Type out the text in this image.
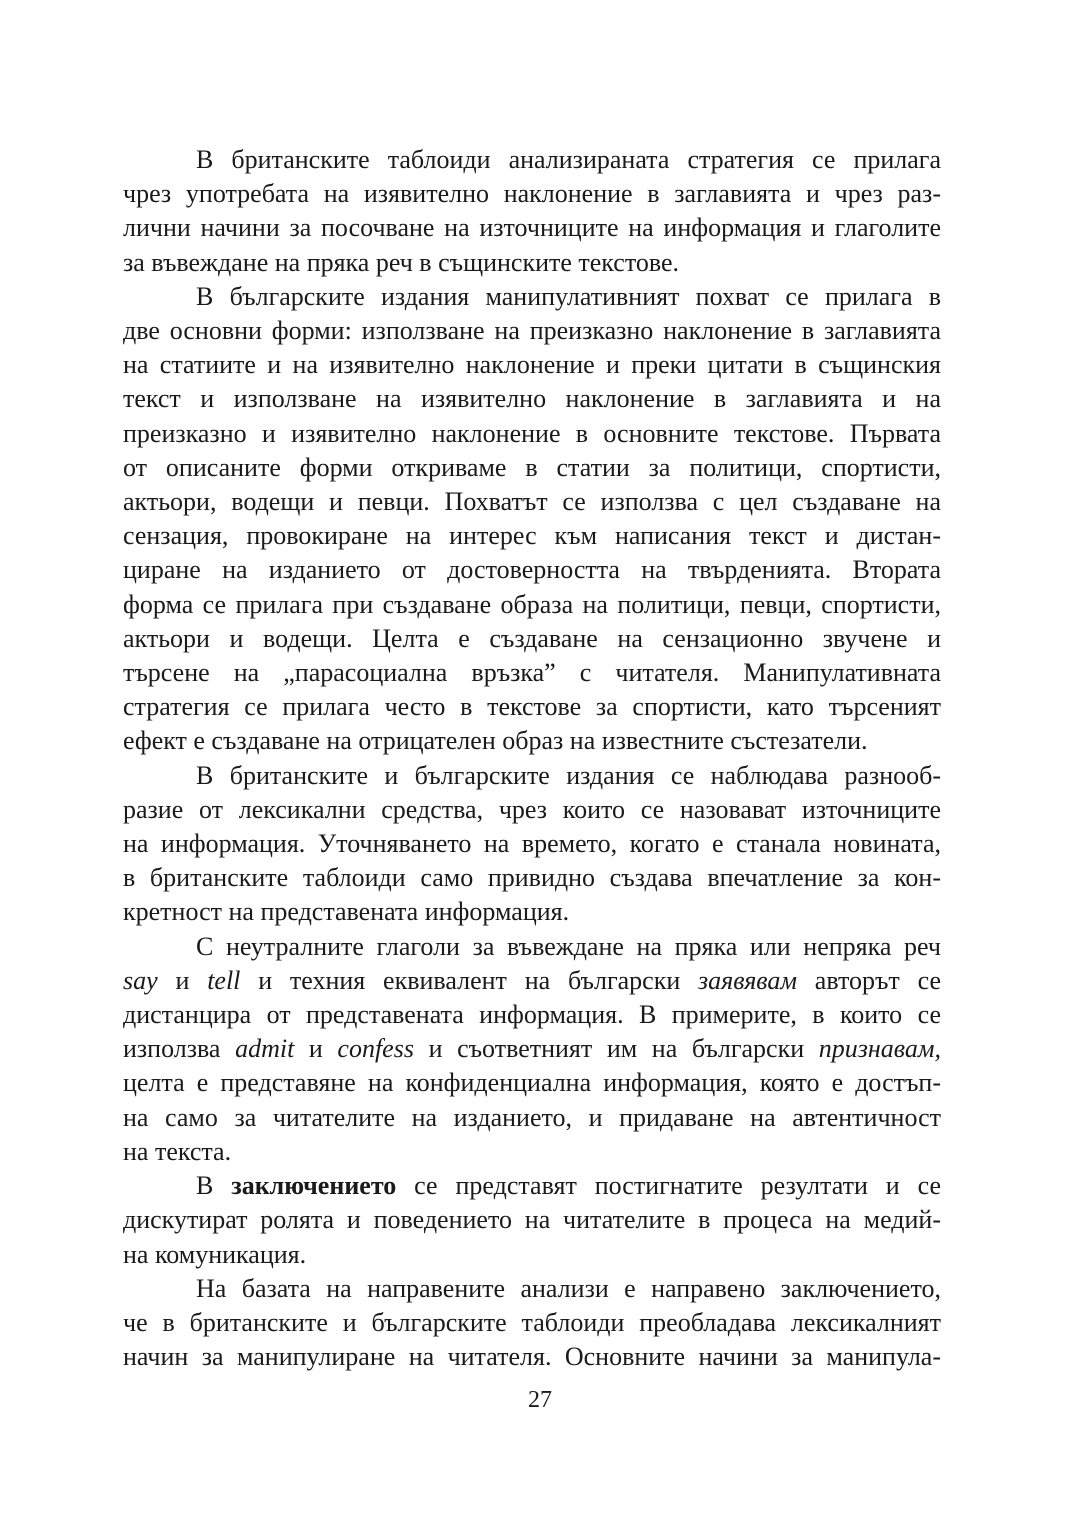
В британските таблоиди анализираната стратегия се прилага
чрез употребата на изявително наклонение в заглавията и чрез раз-
лични начини за посочване на източниците на информация и глаголите
за въвеждане на пряка реч в същинските текстове.

В българските издания манипулативният похват се прилага в
две основни форми: използване на преизказно наклонение в заглавията
на статиите и на изявително наклонение и преки цитати в същинския
текст и използване на изявително наклонение в заглавията и на
преизказно и изявително наклонение в основните текстове. Първата
от описаните форми откриваме в статии за политици, спортисти,
актьори, водещи и певци. Похватът се използва с цел създаване на
сензация, провокиране на интерес към написания текст и дистан-
циране на изданието от достоверността на твърденията. Втората
форма се прилага при създаване образа на политици, певци, спортисти,
актьори и водещи. Целта е създаване на сензационно звучене и
търсене на „парасоциална връзка” с читателя. Манипулативната
стратегия се прилага често в текстове за спортисти, като търсеният
ефект е създаване на отрицателен образ на известните състезатели.

В британските и българските издания се наблюдава разнооб-
разие от лексикални средства, чрез които се назовават източниците
на информация. Уточняването на времето, когато е станала новината,
в британските таблоиди само привидно създава впечатление за кон-
кретност на представената информация.

С неутралните глаголи за въвеждане на пряка или непряка реч
say и tell и техния еквивалент на български заявявам авторът се
дистанцира от представената информация. В примерите, в които се
използва admit и confess и съответният им на български признавам,
целта е представяне на конфиденциална информация, която е достъп-
на само за читателите на изданието, и придаване на автентичност
на текста.

В заключението се представят постигнатите резултати и се
дискутират ролята и поведението на читателите в процеса на медий-
на комуникация.

На базата на направените анализи е направено заключението,
че в британските и българските таблоиди преобладава лексикалният
начин за манипулиране на читателя. Основните начини за манипула-

27
